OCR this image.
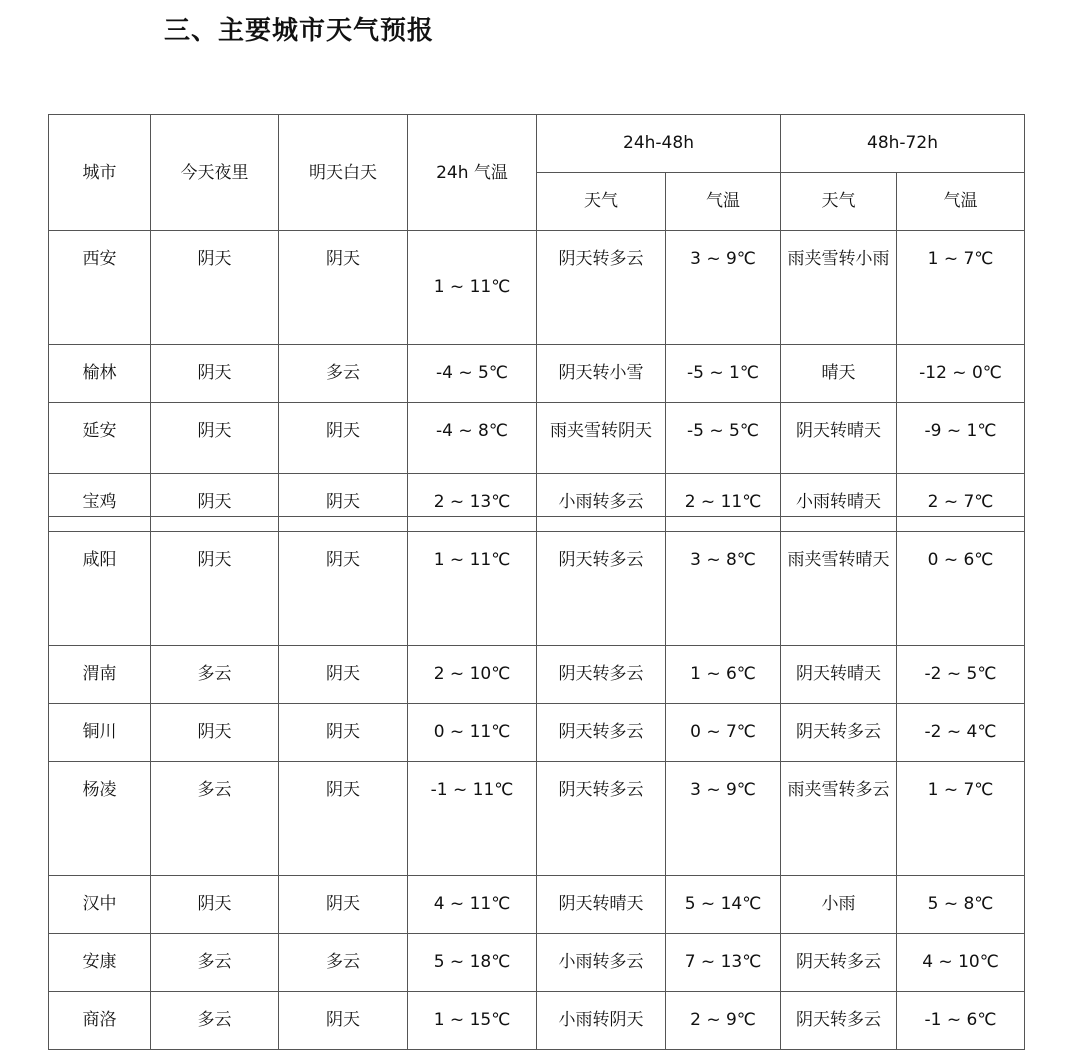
三、主要城市天气预报
城市	今天夜里	明天白天	24h 气温	24h-48h		48h-72h	
				天气	气温	天气	气温
西安	阴天	阴天	1 ~ 11℃	阴天转多云	3 ~ 9℃	雨夹雪转小雨	1 ~ 7℃
榆林	阴天	多云	-4 ~ 5℃	阴天转小雪	-5 ~ 1℃	晴天	-12 ~ 0℃
延安	阴天	阴天	-4 ~ 8℃	雨夹雪转阴天	-5 ~ 5℃	阴天转晴天	-9 ~ 1℃
宝鸡	阴天	阴天	2 ~ 13℃	小雨转多云	2 ~ 11℃	小雨转晴天	2 ~ 7℃
咸阳	阴天	阴天	1 ~ 11℃	阴天转多云	3 ~ 8℃	雨夹雪转晴天	0 ~ 6℃
渭南	多云	阴天	2 ~ 10℃	阴天转多云	1 ~ 6℃	阴天转晴天	-2 ~ 5℃
铜川	阴天	阴天	0 ~ 11℃	阴天转多云	0 ~ 7℃	阴天转多云	-2 ~ 4℃
杨凌	多云	阴天	-1 ~ 11℃	阴天转多云	3 ~ 9℃	雨夹雪转多云	1 ~ 7℃
汉中	阴天	阴天	4 ~ 11℃	阴天转晴天	5 ~ 14℃	小雨	5 ~ 8℃
安康	多云	多云	5 ~ 18℃	小雨转多云	7 ~ 13℃	阴天转多云	4 ~ 10℃
商洛	多云	阴天	1 ~ 15℃	小雨转阴天	2 ~ 9℃	阴天转多云	-1 ~ 6℃
